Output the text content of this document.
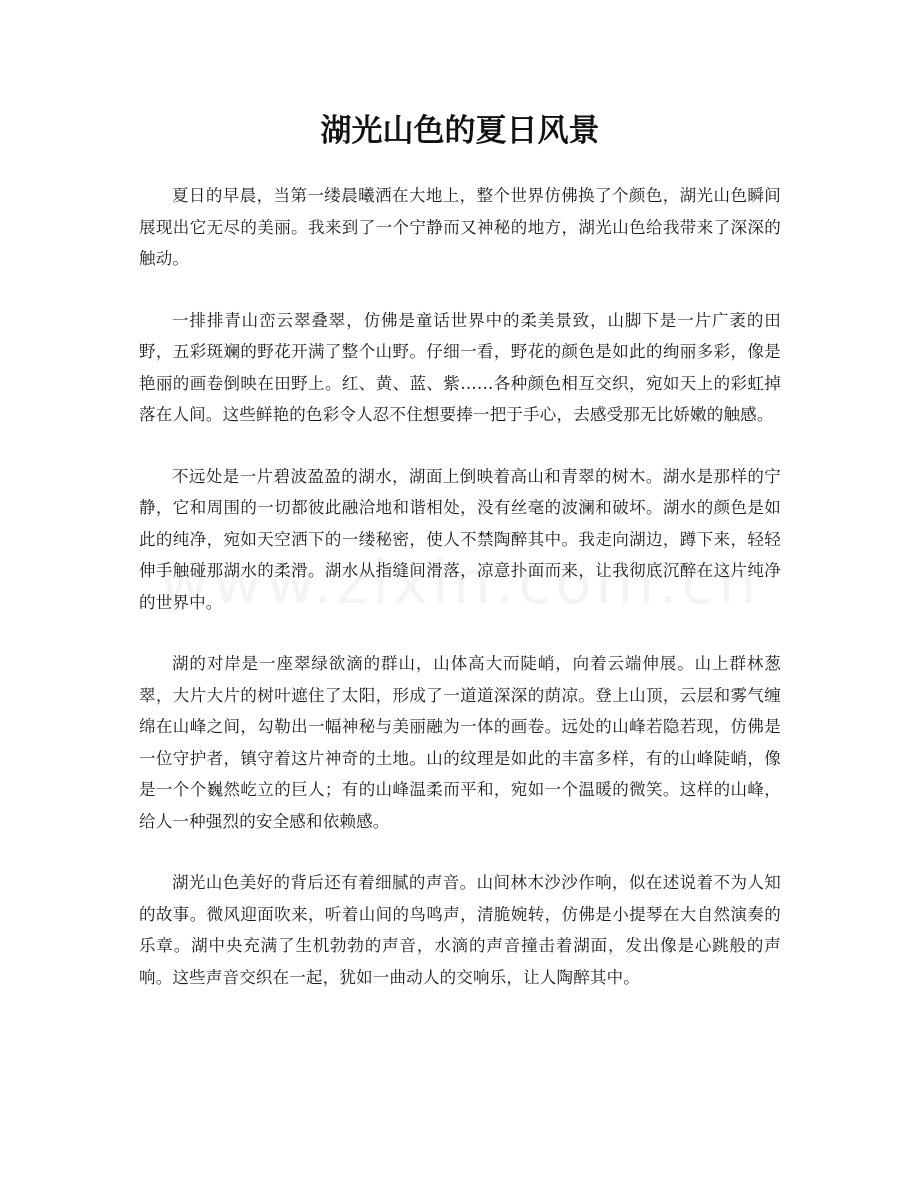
湖光山色的夏日风景

夏日的早晨，当第一缕晨曦洒在大地上，整个世界仿佛换了个颜色，湖光山色瞬间展现出它无尽的美丽。我来到了一个宁静而又神秘的地方，湖光山色给我带来了深深的触动。

一排排青山峦云翠叠翠，仿佛是童话世界中的柔美景致，山脚下是一片广袤的田野，五彩斑斓的野花开满了整个山野。仔细一看，野花的颜色是如此的绚丽多彩，像是艳丽的画卷倒映在田野上。红、黄、蓝、紫……各种颜色相互交织，宛如天上的彩虹掉落在人间。这些鲜艳的色彩令人忍不住想要捧一把于手心，去感受那无比娇嫩的触感。

不远处是一片碧波盈盈的湖水，湖面上倒映着高山和青翠的树木。湖水是那样的宁静，它和周围的一切都彼此融洽地和谐相处，没有丝毫的波澜和破坏。湖水的颜色是如此的纯净，宛如天空洒下的一缕秘密，使人不禁陶醉其中。我走向湖边，蹲下来，轻轻伸手触碰那湖水的柔滑。湖水从指缝间滑落，凉意扑面而来，让我彻底沉醉在这片纯净的世界中。

湖的对岸是一座翠绿欲滴的群山，山体高大而陡峭，向着云端伸展。山上群林葱翠，大片大片的树叶遮住了太阳，形成了一道道深深的荫凉。登上山顶，云层和雾气缠绵在山峰之间，勾勒出一幅神秘与美丽融为一体的画卷。远处的山峰若隐若现，仿佛是一位守护者，镇守着这片神奇的土地。山的纹理是如此的丰富多样，有的山峰陡峭，像是一个个巍然屹立的巨人；有的山峰温柔而平和，宛如一个温暖的微笑。这样的山峰，给人一种强烈的安全感和依赖感。

湖光山色美好的背后还有着细腻的声音。山间林木沙沙作响，似在述说着不为人知的故事。微风迎面吹来，听着山间的鸟鸣声，清脆婉转，仿佛是小提琴在大自然演奏的乐章。湖中央充满了生机勃勃的声音，水滴的声音撞击着湖面，发出像是心跳般的声响。这些声音交织在一起，犹如一曲动人的交响乐，让人陶醉其中。
